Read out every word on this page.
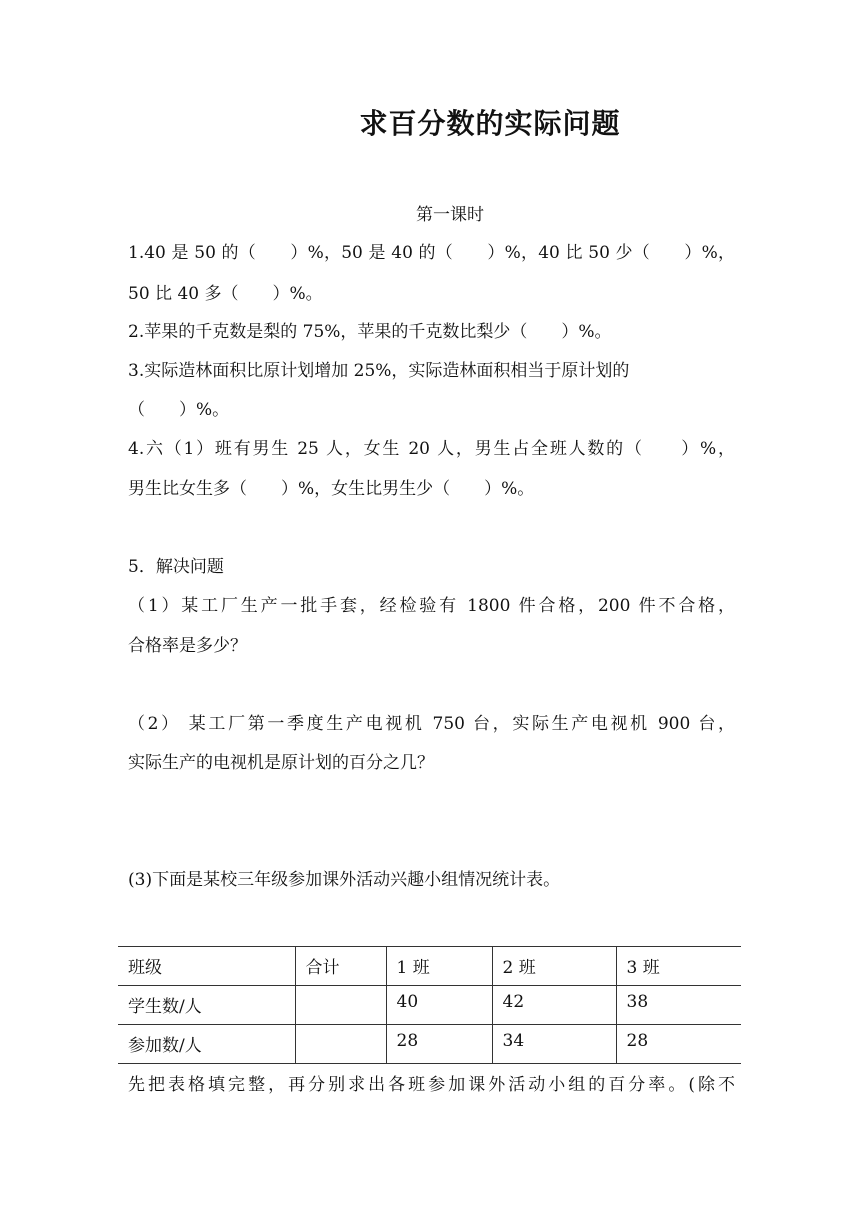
求百分数的实际问题
第一课时
1.40 是 50 的（　　）%，50 是 40 的（　　）%，40 比 50 少（　　）%，
50 比 40 多（　　）%。
2.苹果的千克数是梨的 75%，苹果的千克数比梨少（　　）%。
3.实际造林面积比原计划增加 25%，实际造林面积相当于原计划的
（　　）%。
4.六（1）班有男生 25 人，女生 20 人，男生占全班人数的（　　）%，
男生比女生多（　　）%，女生比男生少（　　）%。
5．解决问题
（1）某工厂生产一批手套，经检验有 1800 件合格，200 件不合格，
合格率是多少？
（2） 某工厂第一季度生产电视机 750 台，实际生产电视机 900 台，
实际生产的电视机是原计划的百分之几？
(3)下面是某校三年级参加课外活动兴趣小组情况统计表。
班级	合计	1 班	2 班	3 班
学生数/人		40	42	38
参加数/人		28	34	28
先把表格填完整，再分别求出各班参加课外活动小组的百分率。(除不
